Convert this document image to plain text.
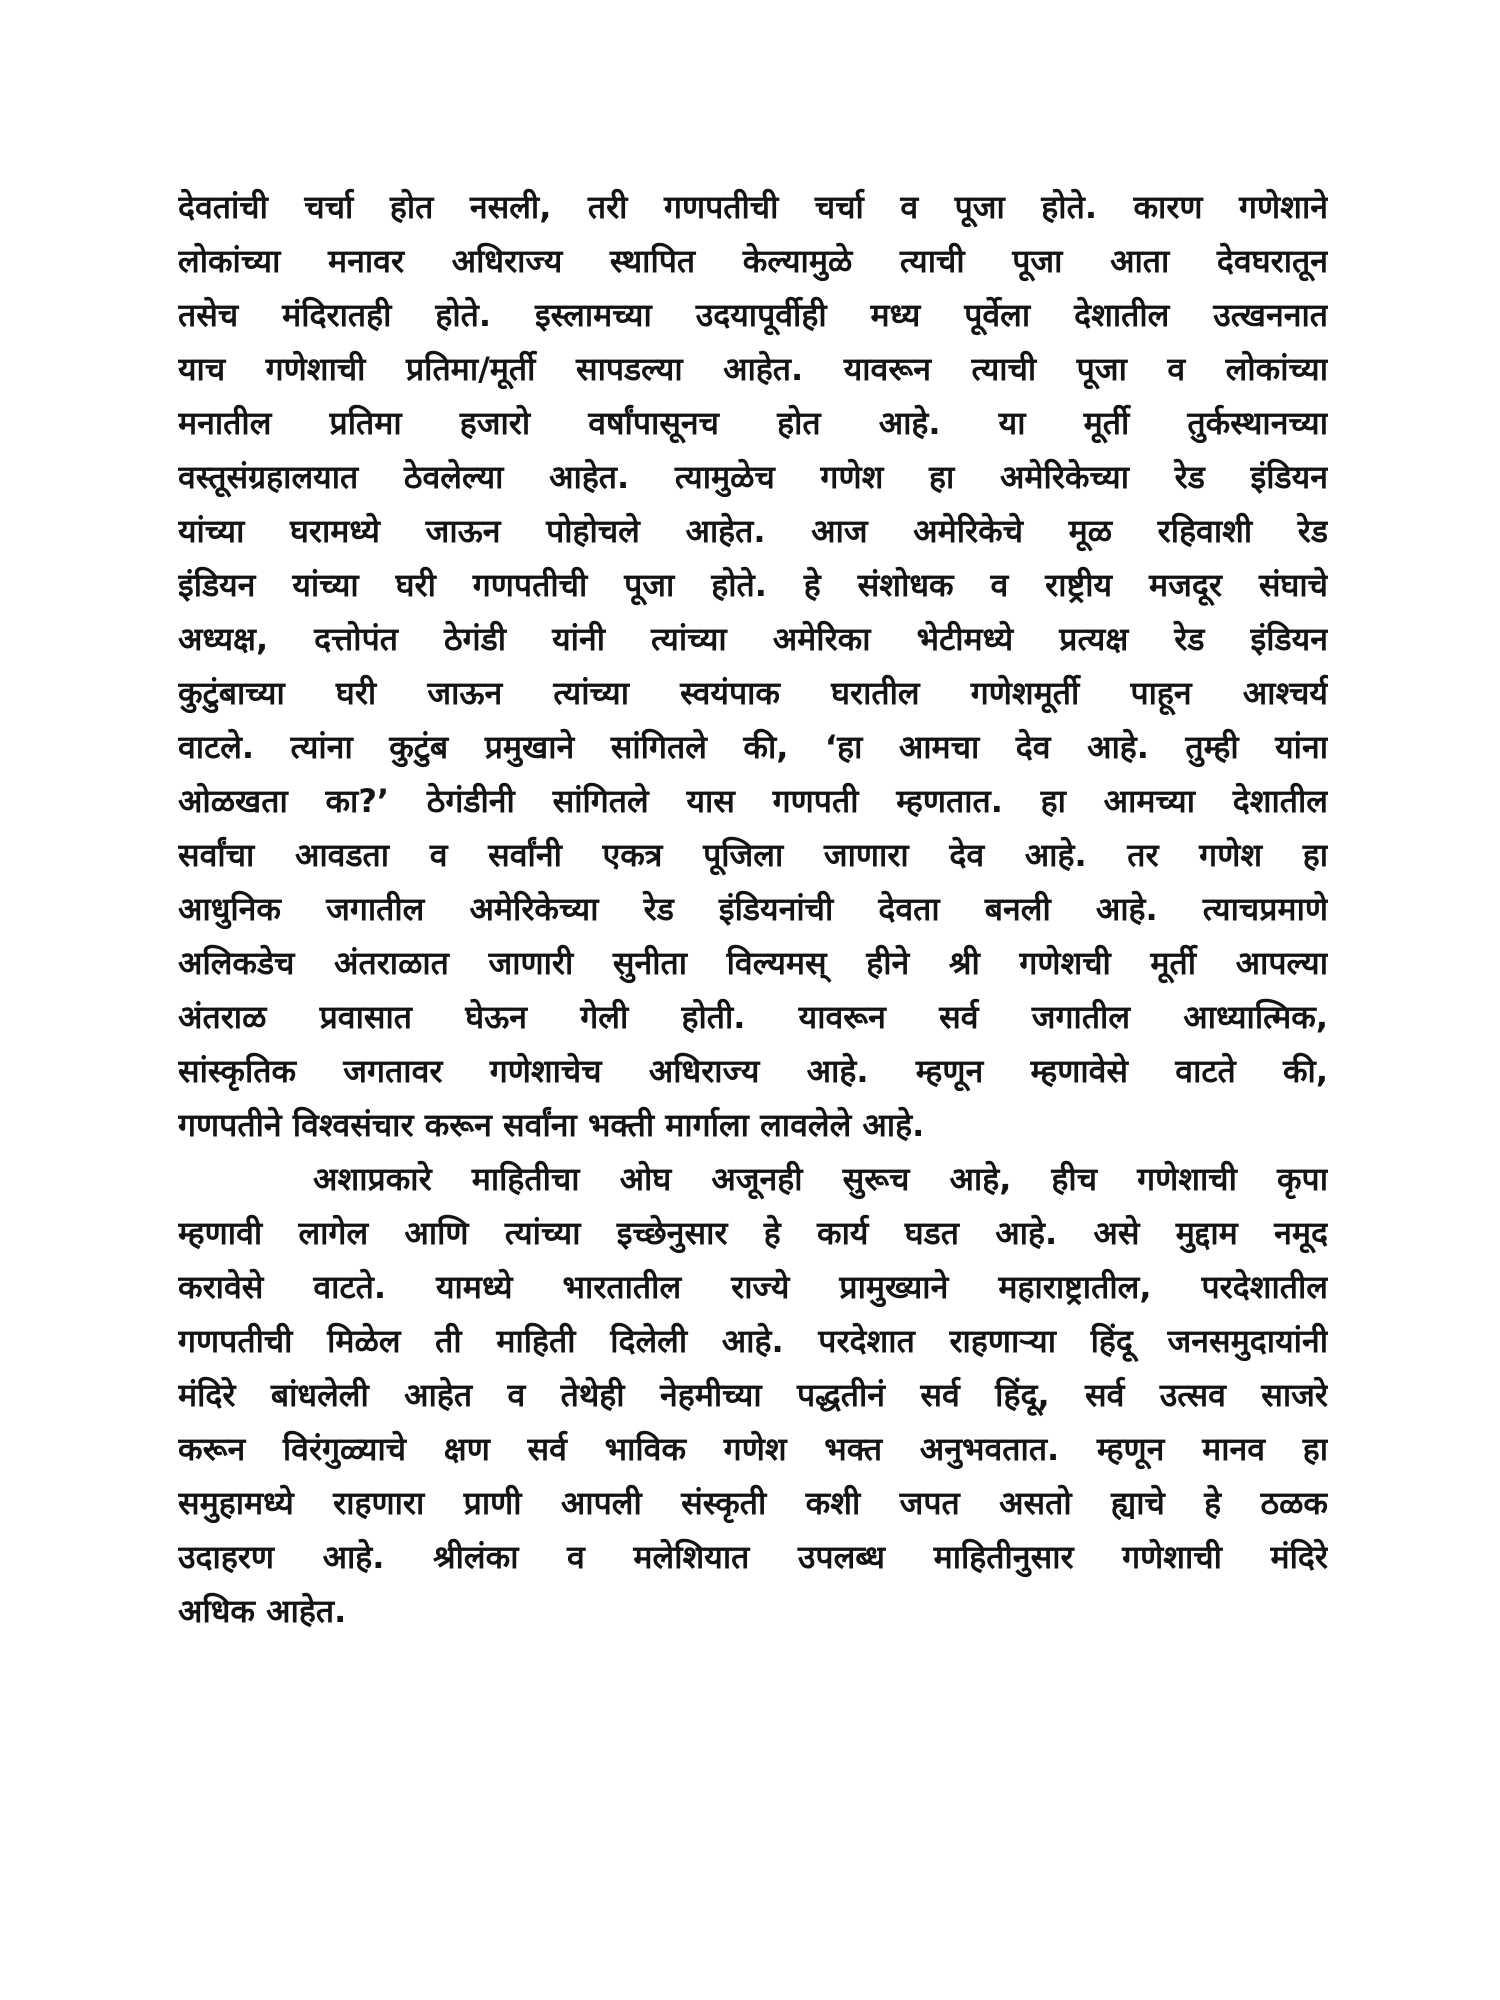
देवतांची चर्चा होत नसली, तरी गणपतीची चर्चा व पूजा होते. कारण गणेशाने
लोकांच्या मनावर अधिराज्य स्थापित केल्यामुळे त्याची पूजा आता देवघरातून
तसेच मंदिरातही होते. इस्लामच्या उदयापूर्वीही मध्य पूर्वेला देशातील उत्खननात
याच गणेशाची प्रतिमा/मूर्ती सापडल्या आहेत. यावरून त्याची पूजा व लोकांच्या
मनातील प्रतिमा हजारो वर्षांपासूनच होत आहे. या मूर्ती तुर्कस्थानच्या
वस्तूसंग्रहालयात ठेवलेल्या आहेत. त्यामुळेच गणेश हा अमेरिकेच्या रेड इंडियन
यांच्या घरामध्ये जाऊन पोहोचले आहेत. आज अमेरिकेचे मूळ रहिवाशी रेड
इंडियन यांच्या घरी गणपतीची पूजा होते. हे संशोधक व राष्ट्रीय मजदूर संघाचे
अध्यक्ष, दत्तोपंत ठेगंडी यांनी त्यांच्या अमेरिका भेटीमध्ये प्रत्यक्ष रेड इंडियन
कुटुंबाच्या घरी जाऊन त्यांच्या स्वयंपाक घरातील गणेशमूर्ती पाहून आश्चर्य
वाटले. त्यांना कुटुंब प्रमुखाने सांगितले की, ‘हा आमचा देव आहे. तुम्ही यांना
ओळखता का?’ ठेगंडीनी सांगितले यास गणपती म्हणतात. हा आमच्या देशातील
सर्वांचा आवडता व सर्वांनी एकत्र पूजिला जाणारा देव आहे. तर गणेश हा
आधुनिक जगातील अमेरिकेच्या रेड इंडियनांची देवता बनली आहे. त्याचप्रमाणे
अलिकडेच अंतराळात जाणारी सुनीता विल्यमस् हीने श्री गणेशची मूर्ती आपल्या
अंतराळ प्रवासात घेऊन गेली होती. यावरून सर्व जगातील आध्यात्मिक,
सांस्कृतिक जगतावर गणेशाचेच अधिराज्य आहे. म्हणून म्हणावेसे वाटते की,
गणपतीने विश्वसंचार करून सर्वांना भक्ती मार्गाला लावलेले आहे.
अशाप्रकारे माहितीचा ओघ अजूनही सुरूच आहे, हीच गणेशाची कृपा
म्हणावी लागेल आणि त्यांच्या इच्छेनुसार हे कार्य घडत आहे. असे मुद्दाम नमूद
करावेसे वाटते. यामध्ये भारतातील राज्ये प्रामुख्याने महाराष्ट्रातील, परदेशातील
गणपतीची मिळेल ती माहिती दिलेली आहे. परदेशात राहणाऱ्या हिंदू जनसमुदायांनी
मंदिरे बांधलेली आहेत व तेथेही नेहमीच्या पद्धतीनं सर्व हिंदू, सर्व उत्सव साजरे
करून विरंगुळ्याचे क्षण सर्व भाविक गणेश भक्त अनुभवतात. म्हणून मानव हा
समुहामध्ये राहणारा प्राणी आपली संस्कृती कशी जपत असतो ह्याचे हे ठळक
उदाहरण आहे. श्रीलंका व मलेशियात उपलब्ध माहितीनुसार गणेशाची मंदिरे
अधिक आहेत.
